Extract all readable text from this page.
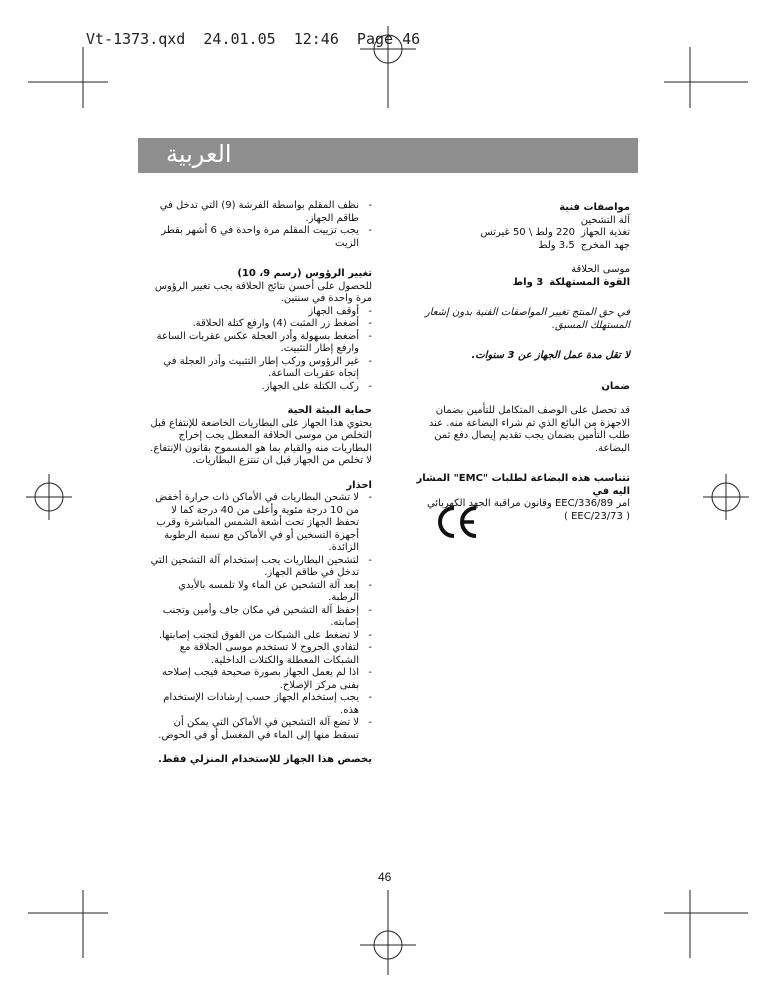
Vt-1373.qxd  24.01.05  12:46  Page 46
العربية
- نظف المقلم بواسطة الفرشة (9) التي تدخل في طاقم الجهاز.
- يجب تزييت المقلم مرة واحدة في 6 أشهر بقطر الزيت

تغيير الرؤوس (رسم 9، 10)

للحصول على أحسن نتائج الحلاقة يجب تغيير الرؤوس مرة واحدة في سنتين.

- أوقف الجهاز
- أضغط زر المثبت (4) وارفع كتلة الحلاقة.
- أضغط بسهولة وأدر العجلة عكس عقربات الساعة وارفع إطار التثبيت.
- غير الرؤوس وركب إطار التثبيت وأدر العجلة في إتجاه عقربات الساعة.
- ركب الكتلة على الجهاز.

حماية البيئة الحية

يحتوي هذا الجهاز على البطاريات الخاضعة للإنتفاع قبل التخلص من موسى الحلاقة المعطل يجب إخراج البطاريات منه والقيام بما هو المسموح بقانون الإنتفاع. لا تخلص من الجهاز قبل ان تنتزع البطاريات.

احذار

- لا تشحن البطاريات في الأماكن ذات حرارة أخفض من 10 درجة مئوية وأعلى من 40 درجة كما لا تحفظ الجهاز تحت أشعة الشمس المباشرة وقرب أجهزة التسخين أو في الأماكن مع نسبة الرطوبة الزائدة.
- لتشحين البطاريات يجب إستخدام آلة التشحين التي تدخل في طاقم الجهاز.
- إبعد آلة التشحين عن الماء ولا تلمسه بالأيدي الرطبة.
- إحفظ آلة التشحين في مكان جاف وأمين وتجنب إصابته.
- لا تضغط على الشبكات من الفوق لتجنب إصابتها.
- لتفادي الجروح لا تستخدم موسى الحلاقة مع الشبكات المعطلة والكتلات الداخلية.
- اذا لم يعمل الجهاز بصورة صحيحة فيجب إصلاحه بفنى مركز الإصلاح.
- يجب إستخدام الجهاز حسب إرشادات الإستخدام هذه.
- لا تضع آلة التشحين في الأماكن التي يمكن أن تسقط منها إلى الماء في المغسل أو في الحوض.

يخصص هذا الجهاز للإستخدام المنزلي فقط.

مواصفات فنية

آلة التشحين

تغذية الجهاز
220 ولط \ 50 غيرتس
جهد المخرج
3،5 ولط

موسى الحلاقة

القوة المستهلكة
3 واط

في حق المنتج تغيير المواصفات الفنية بدون إشعار المستهلك المسبق.

لا تقل مدة عمل الجهاز عن 3 سنوات.

ضمان

قد تحصل على الوصف المتكامل للتأمين بضمان الاجهزة من البائع الذي تم شراء البضاعة منه. عند طلب التأمين بضمان يجب تقديم إيصال دفع ثمن البضاعة.

تتناسب هذه البضاعة لطلبات "EMC" المشار اليه في

امر EEC/336/89 وقانون مراقبة الجهد الكهربائي

( EEC/23/73 )

46
